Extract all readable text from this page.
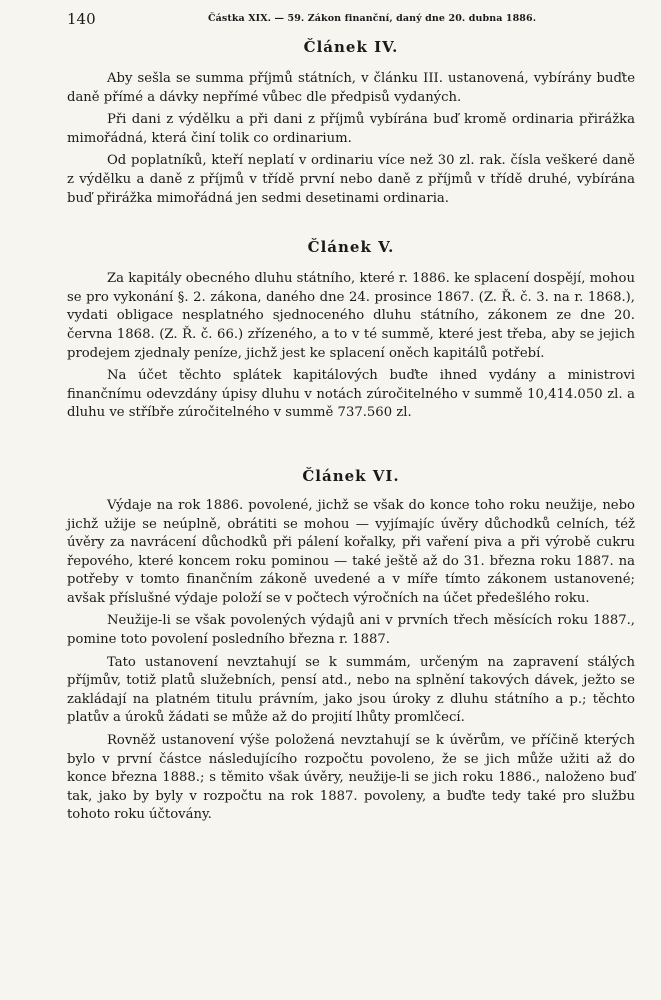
140	Částka XIX. — 59. Zákon finanční, daný dne 20. dubna 1886.
Článek IV.

Aby sešla se summa příjmů státních, v článku III. ustanovená, vybírány buďte daně přímé a dávky nepřímé vůbec dle předpisů vydaných.

Při dani z výdělku a při dani z příjmů vybírána buď kromě ordinaria přirážka mimořádná, která činí tolik co ordinarium.

Od poplatníků, kteří neplatí v ordinariu více než 30 zl. rak. čísla veškeré daně z výdělku a daně z příjmů v třídě první nebo daně z příjmů v třídě druhé, vybírána buď přirážka mimořádná jen sedmi desetinami ordinaria.

Článek V.

Za kapitály obecného dluhu státního, které r. 1886. ke splacení dospějí, mohou se pro vykonání §. 2. zákona, daného dne 24. prosince 1867. (Z. Ř. č. 3. na r. 1868.), vydati obligace nesplatného sjednoceného dluhu státního, zákonem ze dne 20. června 1868. (Z. Ř. č. 66.) zřízeného, a to v té summě, které jest třeba, aby se jejich prodejem zjednaly peníze, jichž jest ke splacení oněch kapitálů potřebí.

Na účet těchto splátek kapitálových buďte ihned vydány a ministrovi finančnímu odevzdány úpisy dluhu v notách zúročitelného v summě 10,414.050 zl. a dluhu ve stříbře zúročitelného v summě 737.560 zl.

Článek VI.

Výdaje na rok 1886. povolené, jichž se však do konce toho roku neužije, nebo jichž užije se neúplně, obrátiti se mohou — vyjímajíc úvěry důchodků celních, též úvěry za navrácení důchodků při pálení kořalky, při vaření piva a při výrobě cukru řepového, které koncem roku pominou — také ještě až do 31. března roku 1887. na potřeby v tomto finančním zákoně uvedené a v míře tímto zákonem ustanovené; avšak příslušné výdaje položí se v počtech výročních na účet předešlého roku.

Neužije-li se však povolených výdajů ani v prvních třech měsících roku 1887., pomine toto povolení posledního března r. 1887.

Tato ustanovení nevztahují se k summám, určeným na zapravení stálých příjmův, totiž platů služebních, pensí atd., nebo na splnění takových dávek, ježto se zakládají na platném titulu právním, jako jsou úroky z dluhu státního a p.; těchto platův a úroků žádati se může až do projití lhůty promlčecí.

Rovněž ustanovení výše položená nevztahují se k úvěrům, ve příčině kterých bylo v první částce následujícího rozpočtu povoleno, že se jich může užiti až do konce března 1888.; s těmito však úvěry, neužije-li se jich roku 1886., naloženo buď tak, jako by byly v rozpočtu na rok 1887. povoleny, a buďte tedy také pro službu tohoto roku účtovány.
